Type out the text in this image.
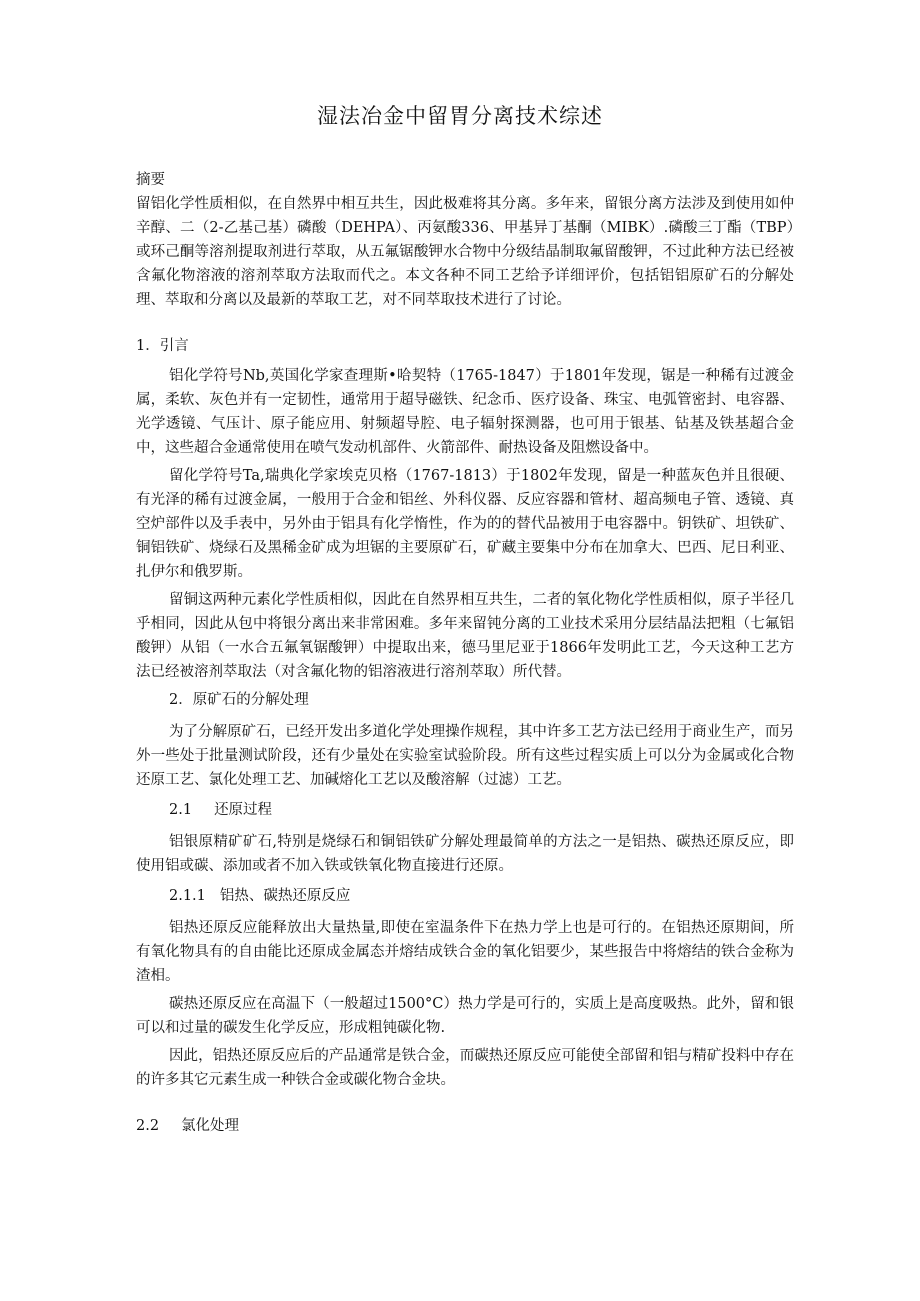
湿法冶金中留胃分离技术综述

摘要

留铝化学性质相似，在自然界中相互共生，因此极难将其分离。多年来，留银分离方法涉及到使用如仲辛醇、二（2-乙基己基）磷酸（DEHPA）、丙氨酸336、甲基异丁基酮（MIBK）.磷酸三丁酯（TBP）或环己酮等溶剂提取剂进行萃取，从五氟锯酸钾水合物中分级结晶制取氟留酸钾，不过此种方法已经被含氟化物溶液的溶剂萃取方法取而代之。本文各种不同工艺给予详细评价，包括铝铝原矿石的分解处理、萃取和分离以及最新的萃取工艺，对不同萃取技术进行了讨论。

1．引言

铝化学符号Nb,英国化学家查理斯•哈契特（1765-1847）于1801年发现，锯是一种稀有过渡金属，柔软、灰色并有一定韧性，通常用于超导磁铁、纪念币、医疗设备、珠宝、电弧管密封、电容器、光学透镜、气压计、原子能应用、射频超导腔、电子辐射探测器，也可用于银基、钻基及铁基超合金中，这些超合金通常使用在喷气发动机部件、火箭部件、耐热设备及阻燃设备中。

留化学符号Ta,瑞典化学家埃克贝格（1767-1813）于1802年发现，留是一种蓝灰色并且很硬、有光泽的稀有过渡金属，一般用于合金和铝丝、外科仪器、反应容器和管材、超高频电子管、透镜、真空炉部件以及手表中，另外由于铝具有化学惰性，作为的的替代品被用于电容器中。钥铁矿、坦铁矿、铜铝铁矿、烧绿石及黑稀金矿成为坦锯的主要原矿石，矿藏主要集中分布在加拿大、巴西、尼日利亚、扎伊尔和俄罗斯。

留铜这两种元素化学性质相似，因此在自然界相互共生，二者的氧化物化学性质相似，原子半径几乎相同，因此从包中将银分离出来非常困难。多年来留钝分离的工业技术采用分层结晶法把粗（七氟铝酸钾）从铝（一水合五氟氧锯酸钾）中提取出来，德马里尼亚于1866年发明此工艺，今天这种工艺方法已经被溶剂萃取法（对含氟化物的铝溶液进行溶剂萃取）所代替。

2．原矿石的分解处理

为了分解原矿石，已经开发出多道化学处理操作规程，其中许多工艺方法已经用于商业生产，而另外一些处于批量测试阶段，还有少量处在实验室试验阶段。所有这些过程实质上可以分为金属或化合物还原工艺、氯化处理工艺、加碱熔化工艺以及酸溶解（过滤）工艺。

2.1 还原过程

铝银原精矿矿石,特别是烧绿石和铜铝铁矿分解处理最简单的方法之一是铝热、碳热还原反应，即使用铝或碳、添加或者不加入铁或铁氧化物直接进行还原。

2.1.1 铝热、碳热还原反应

铝热还原反应能释放出大量热量,即使在室温条件下在热力学上也是可行的。在铝热还原期间，所有氧化物具有的自由能比还原成金属态并熔结成铁合金的氧化铝要少，某些报告中将熔结的铁合金称为渣相。

碳热还原反应在高温下（一般超过1500°C）热力学是可行的，实质上是高度吸热。此外，留和银可以和过量的碳发生化学反应，形成粗钝碳化物.

因此，铝热还原反应后的产品通常是铁合金，而碳热还原反应可能使全部留和铝与精矿投料中存在的许多其它元素生成一种铁合金或碳化物合金块。

2.2 氯化处理
